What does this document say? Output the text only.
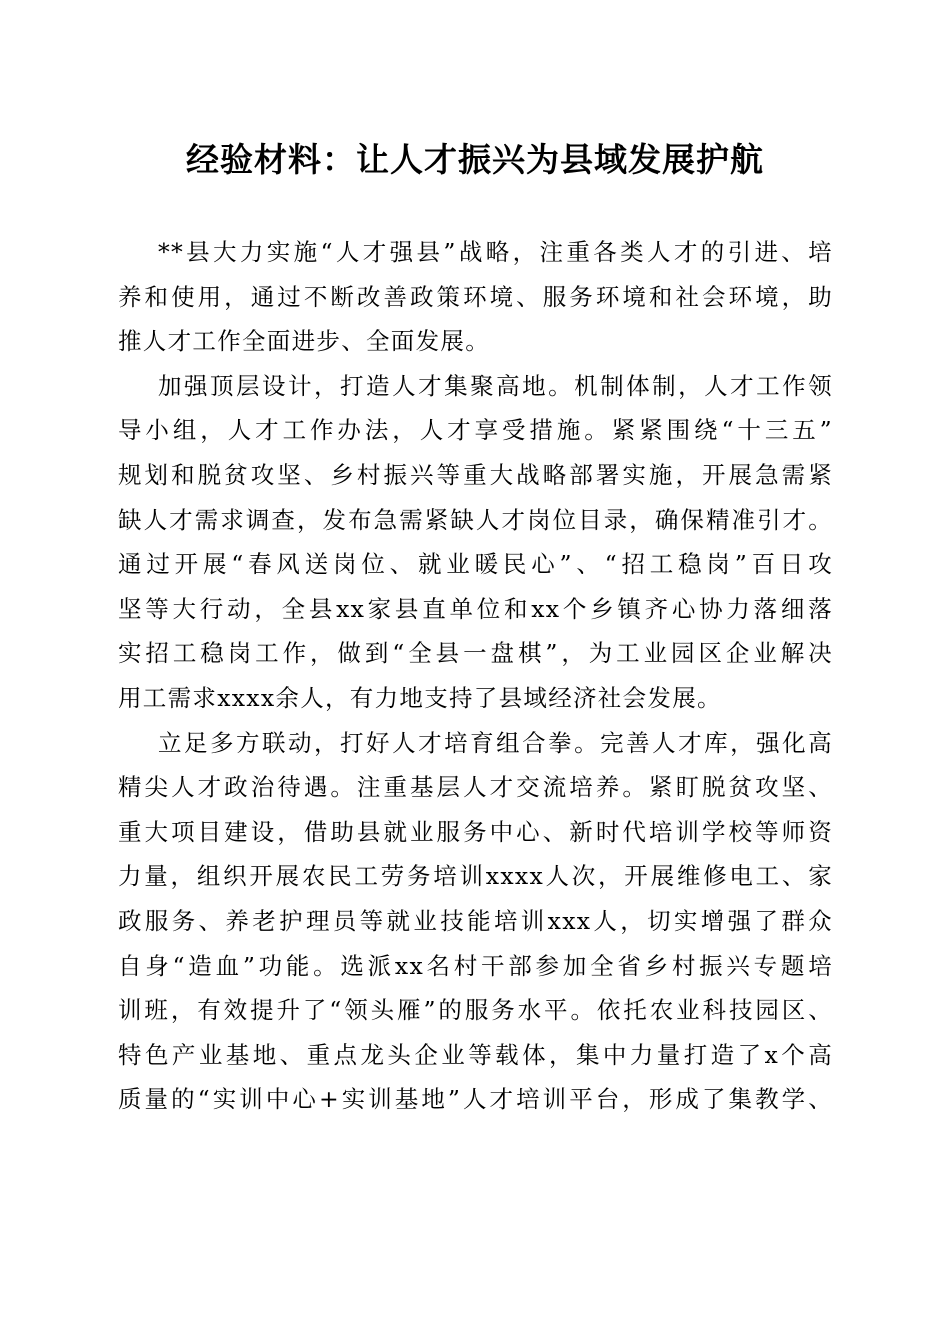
经验材料：让人才振兴为县域发展护航
**县大力实施“人才强县”战略，注重各类人才的引进、培
养和使用，通过不断改善政策环境、服务环境和社会环境，助
推人才工作全面进步、全面发展。
加强顶层设计，打造人才集聚高地。机制体制，人才工作领
导小组，人才工作办法，人才享受措施。紧紧围绕“十三五”
规划和脱贫攻坚、乡村振兴等重大战略部署实施，开展急需紧
缺人才需求调查，发布急需紧缺人才岗位目录，确保精准引才。
通过开展“春风送岗位、就业暖民心”、“招工稳岗”百日攻
坚等大行动，全县xx家县直单位和xx个乡镇齐心协力落细落
实招工稳岗工作，做到“全县一盘棋”，为工业园区企业解决
用工需求xxxx余人，有力地支持了县域经济社会发展。
立足多方联动，打好人才培育组合拳。完善人才库，强化高
精尖人才政治待遇。注重基层人才交流培养。紧盯脱贫攻坚、
重大项目建设，借助县就业服务中心、新时代培训学校等师资
力量，组织开展农民工劳务培训xxxx人次，开展维修电工、家
政服务、养老护理员等就业技能培训xxx人，切实增强了群众
自身“造血”功能。选派xx名村干部参加全省乡村振兴专题培
训班，有效提升了“领头雁”的服务水平。依托农业科技园区、
特色产业基地、重点龙头企业等载体，集中力量打造了x个高
质量的“实训中心+实训基地”人才培训平台，形成了集教学、
